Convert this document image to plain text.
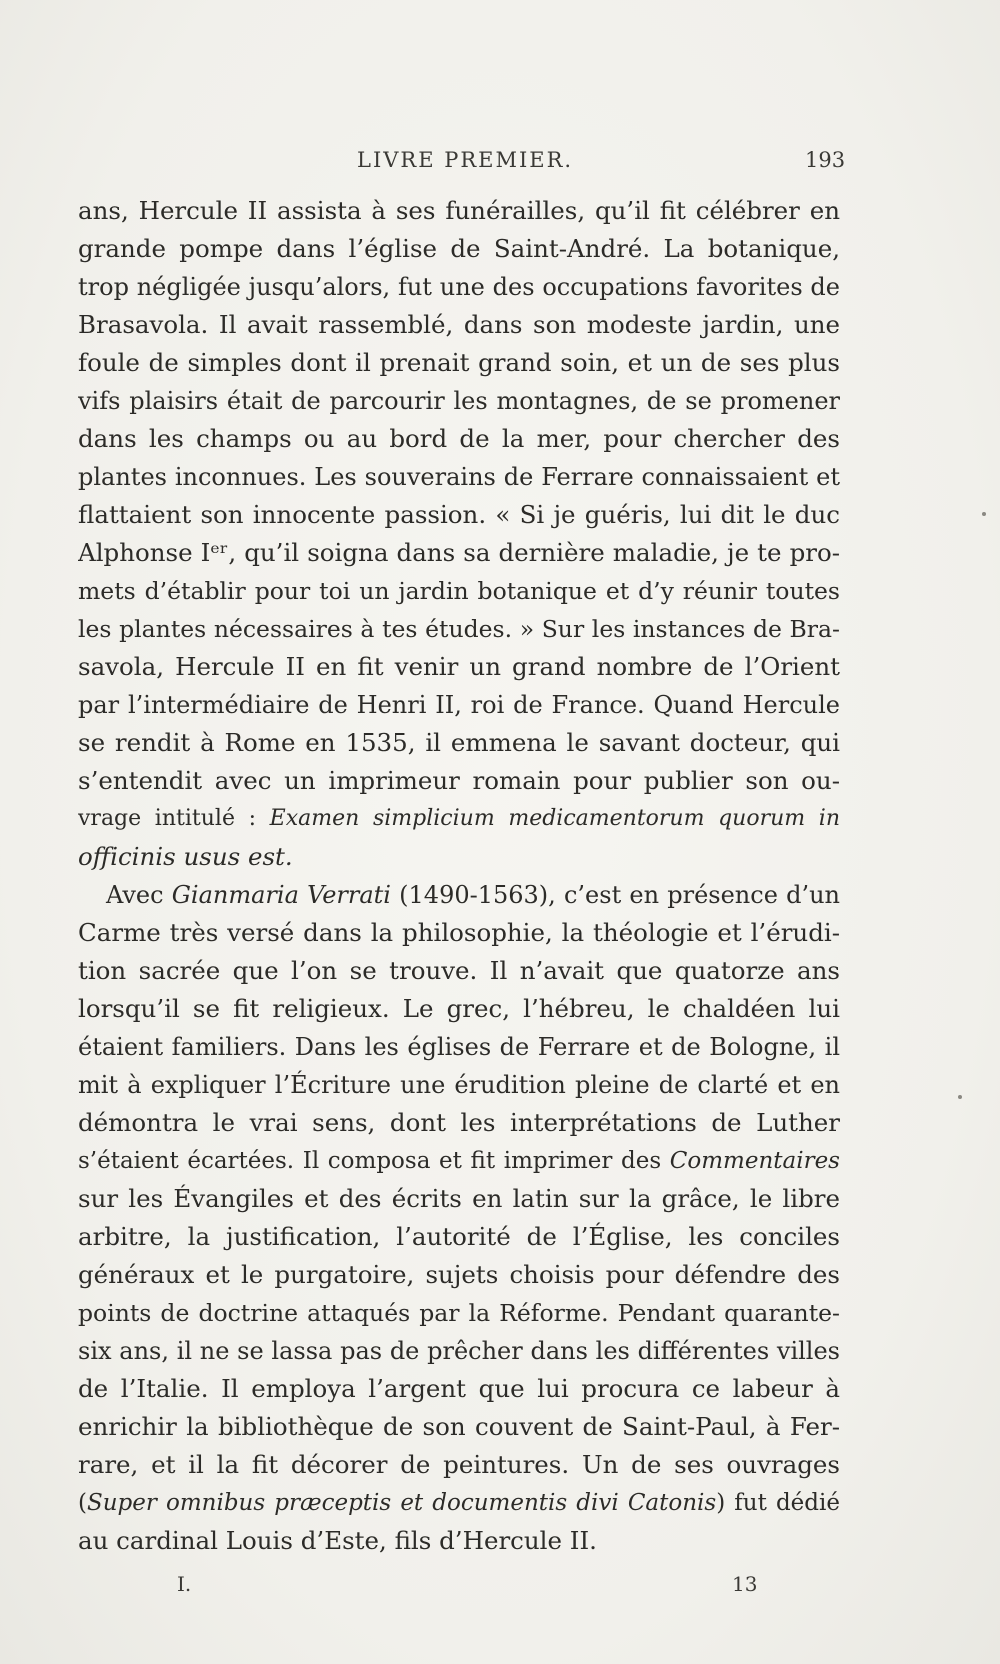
LIVRE PREMIER.	193
ans, Hercule II assista à ses funérailles, qu’il fit célébrer en
grande pompe dans l’église de Saint-André. La botanique,
trop négligée jusqu’alors, fut une des occupations favorites de
Brasavola. Il avait rassemblé, dans son modeste jardin, une
foule de simples dont il prenait grand soin, et un de ses plus
vifs plaisirs était de parcourir les montagnes, de se promener
dans les champs ou au bord de la mer, pour chercher des
plantes inconnues. Les souverains de Ferrare connaissaient et
flattaient son innocente passion. « Si je guéris, lui dit le duc
Alphonse Iᵉʳ, qu’il soigna dans sa dernière maladie, je te pro-
mets d’établir pour toi un jardin botanique et d’y réunir toutes
les plantes nécessaires à tes études. » Sur les instances de Bra-
savola, Hercule II en fit venir un grand nombre de l’Orient
par l’intermédiaire de Henri II, roi de France. Quand Hercule
se rendit à Rome en 1535, il emmena le savant docteur, qui
s’entendit avec un imprimeur romain pour publier son ou-
vrage intitulé : Examen simplicium medicamentorum quorum in
officinis usus est.
Avec Gianmaria Verrati (1490-1563), c’est en présence d’un
Carme très versé dans la philosophie, la théologie et l’érudi-
tion sacrée que l’on se trouve. Il n’avait que quatorze ans
lorsqu’il se fit religieux. Le grec, l’hébreu, le chaldéen lui
étaient familiers. Dans les églises de Ferrare et de Bologne, il
mit à expliquer l’Écriture une érudition pleine de clarté et en
démontra le vrai sens, dont les interprétations de Luther
s’étaient écartées. Il composa et fit imprimer des Commentaires
sur les Évangiles et des écrits en latin sur la grâce, le libre
arbitre, la justification, l’autorité de l’Église, les conciles
généraux et le purgatoire, sujets choisis pour défendre des
points de doctrine attaqués par la Réforme. Pendant quarante-
six ans, il ne se lassa pas de prêcher dans les différentes villes
de l’Italie. Il employa l’argent que lui procura ce labeur à
enrichir la bibliothèque de son couvent de Saint-Paul, à Fer-
rare, et il la fit décorer de peintures. Un de ses ouvrages
(Super omnibus præceptis et documentis divi Catonis) fut dédié
au cardinal Louis d’Este, fils d’Hercule II.
I.	13
